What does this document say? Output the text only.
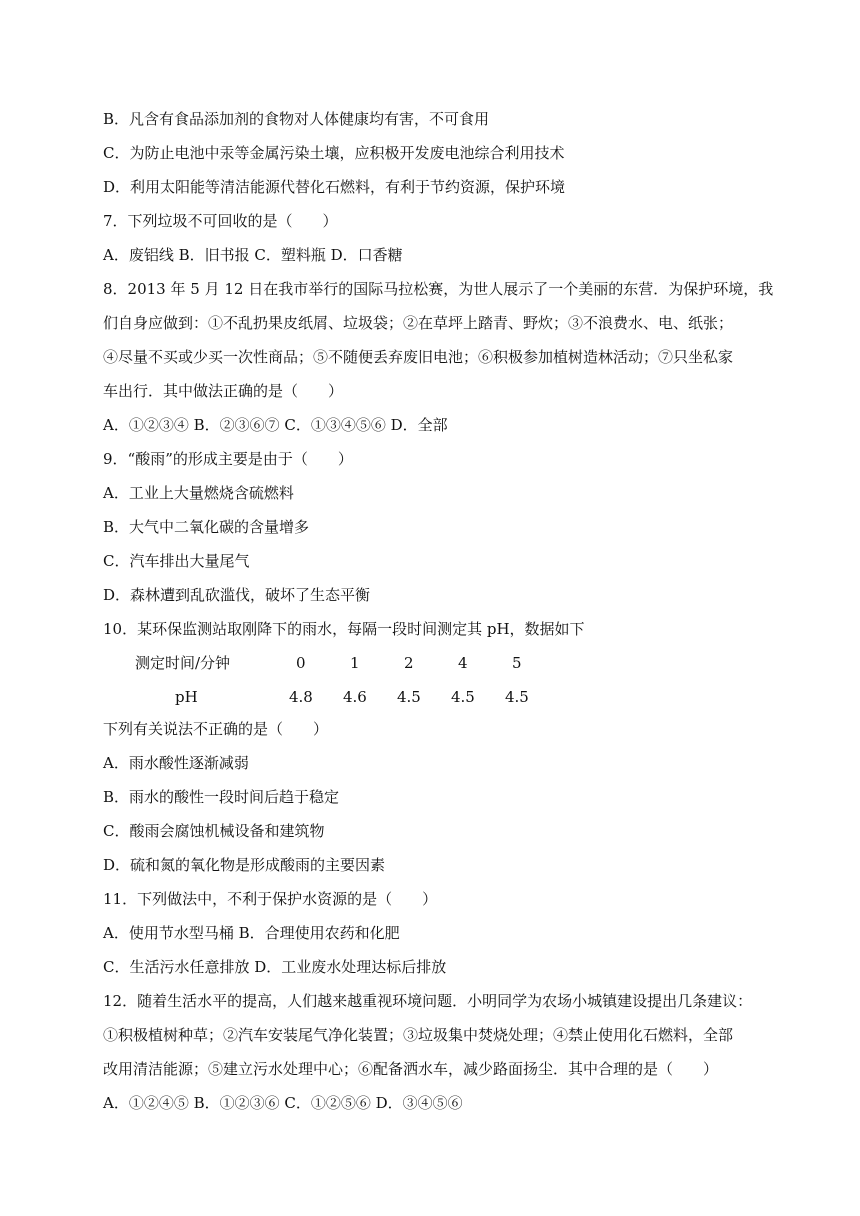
B．凡含有食品添加剂的食物对人体健康均有害，不可食用
C．为防止电池中汞等金属污染土壤，应积极开发废电池综合利用技术
D．利用太阳能等清洁能源代替化石燃料，有利于节约资源，保护环境
7．下列垃圾不可回收的是（　　）
A．废铝线 B．旧书报 C．塑料瓶 D．口香糖
8．2013 年 5 月 12 日在我市举行的国际马拉松赛，为世人展示了一个美丽的东营．为保护环境，我
们自身应做到：①不乱扔果皮纸屑、垃圾袋；②在草坪上踏青、野炊；③不浪费水、电、纸张；
④尽量不买或少买一次性商品；⑤不随便丢弃废旧电池；⑥积极参加植树造林活动；⑦只坐私家
车出行．其中做法正确的是（　　）
A．①②③④ B．②③⑥⑦ C．①③④⑤⑥ D．全部
9．“酸雨”的形成主要是由于（　　）
A．工业上大量燃烧含硫燃料
B．大气中二氧化碳的含量增多
C．汽车排出大量尾气
D．森林遭到乱砍滥伐，破坏了生态平衡
10．某环保监测站取刚降下的雨水，每隔一段时间测定其 pH，数据如下
测定时间/分钟	0	1	2	4	5
pH	4.8 4.6 4.5 4.5 4.5
下列有关说法不正确的是（　　）
A．雨水酸性逐渐减弱
B．雨水的酸性一段时间后趋于稳定
C．酸雨会腐蚀机械设备和建筑物
D．硫和氮的氧化物是形成酸雨的主要因素
11．下列做法中，不利于保护水资源的是（　　）
A．使用节水型马桶 B．合理使用农药和化肥
C．生活污水任意排放 D．工业废水处理达标后排放
12．随着生活水平的提高，人们越来越重视环境问题．小明同学为农场小城镇建设提出几条建议：
①积极植树种草；②汽车安装尾气净化装置；③垃圾集中焚烧处理；④禁止使用化石燃料，全部
改用清洁能源；⑤建立污水处理中心；⑥配备洒水车，减少路面扬尘．其中合理的是（　　）
A．①②④⑤ B．①②③⑥ C．①②⑤⑥ D．③④⑤⑥
